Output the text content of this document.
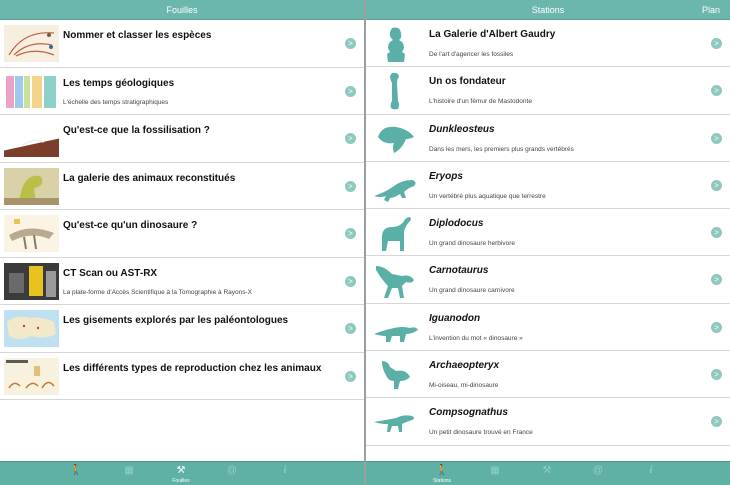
Fouilles
Nommer et classer les espèces
>
Les temps géologiques
L'échelle des temps stratigraphiques
>
Qu'est-ce que la fossilisation ?
>
La galerie des animaux reconstitués
>
Qu'est-ce qu'un dinosaure ?
>
CT Scan ou AST-RX
La plate-forme d'Accès Scientifique à la Tomographie à Rayons-X
>
Les gisements explorés par les paléontologues
>
Les différents types de reproduction chez les animaux
>
🚶	▦	⚒
Fouilles
@	i
Stations	Plan
La Galerie d'Albert Gaudry
De l'art d'agencer les fossiles
>
Un os fondateur
L'histoire d'un fémur de Mastodonte
>
Dunkleosteus
Dans les mers, les premiers plus grands vertébrés
>
Eryops
Un vertébré plus aquatique que terrestre
>
Diplodocus
Un grand dinosaure herbivore
>
Carnotaurus
Un grand dinosaure carnivore
>
Iguanodon
L'invention du mot « dinosaure »
>
Archaeopteryx
Mi-oiseau, mi-dinosaure
>
Compsognathus
Un petit dinosaure trouvé en France
>
🚶
Stations
▦	⚒	@	i
